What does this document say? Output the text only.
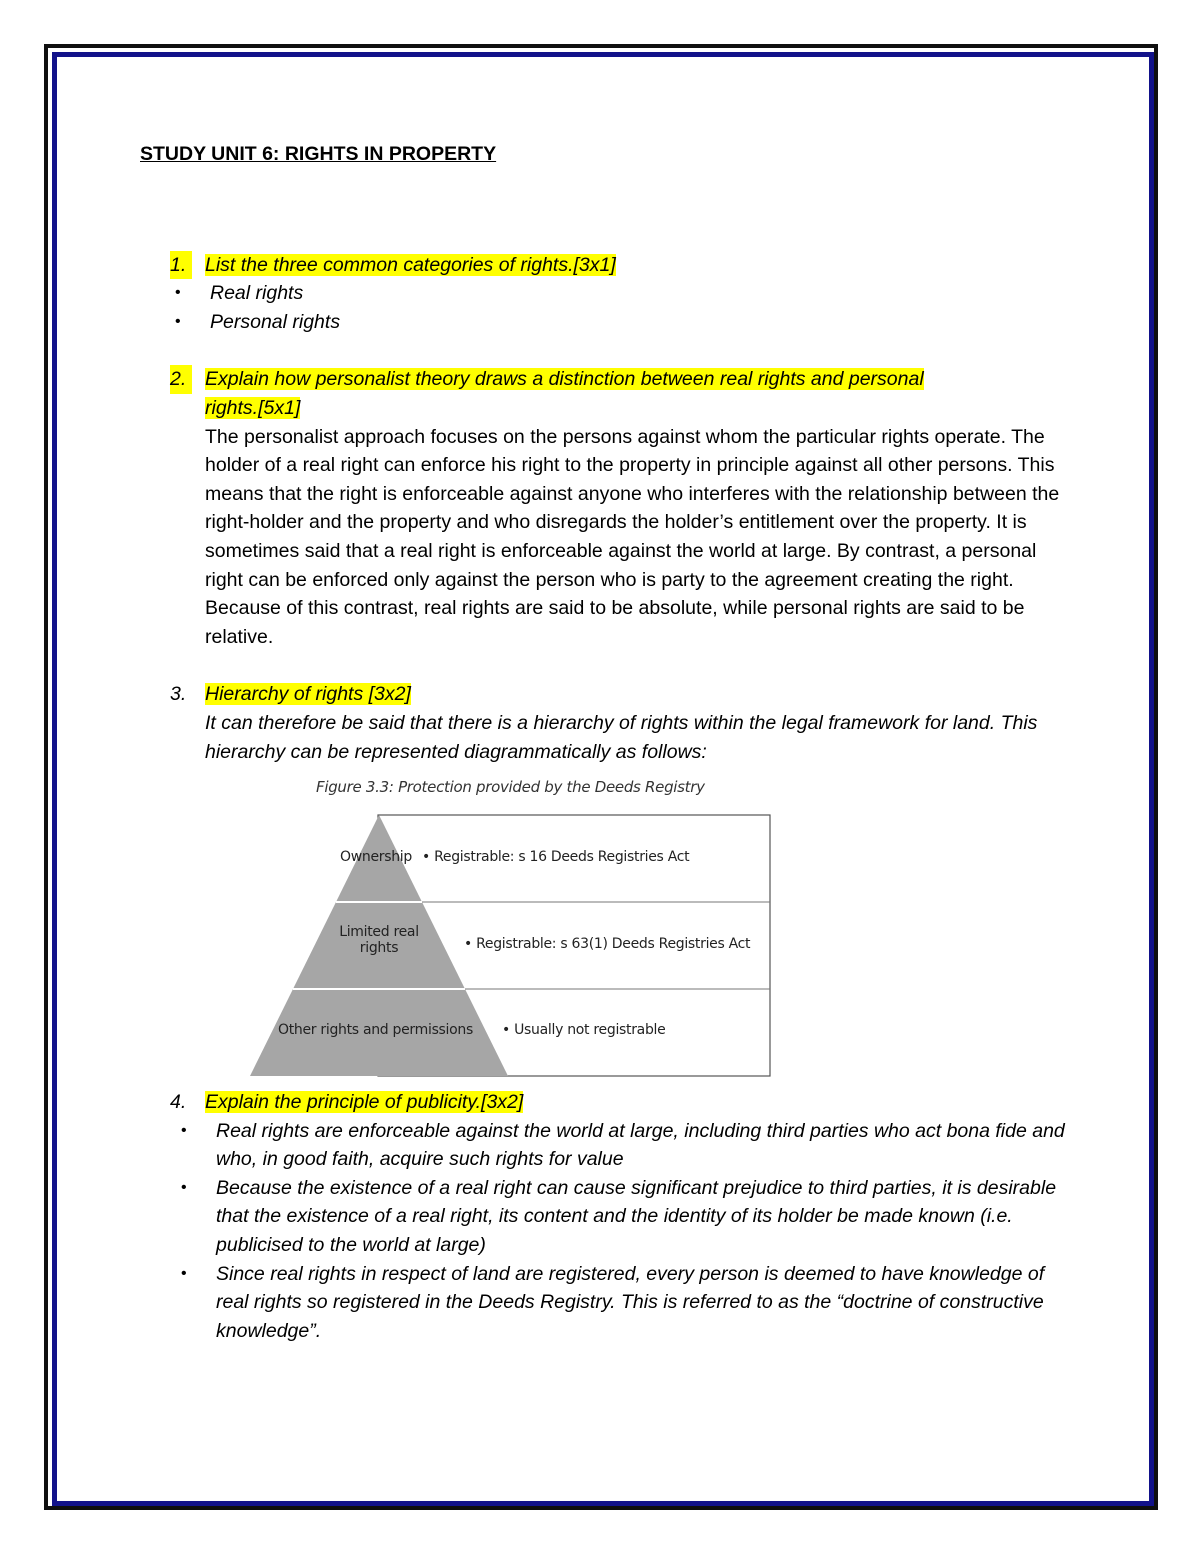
STUDY UNIT 6: RIGHTS IN PROPERTY
1. List the three common categories of rights.[3x1]
• Real rights
• Personal rights
2. Explain how personalist theory draws a distinction between real rights and personal
rights.[5x1]
The personalist approach focuses on the persons against whom the particular rights operate. The holder of a real right can enforce his right to the property in principle against all other persons. This means that the right is enforceable against anyone who interferes with the relationship between the right-holder and the property and who disregards the holder’s entitlement over the property. It is sometimes said that a real right is enforceable against the world at large. By contrast, a personal right can be enforced only against the person who is party to the agreement creating the right. Because of this contrast, real rights are said to be absolute, while personal rights are said to be relative.
3. Hierarchy of rights [3x2]
It can therefore be said that there is a hierarchy of rights within the legal framework for land. This hierarchy can be represented diagrammatically as follows:
Figure 3.3: Protection provided by the Deeds Registry
Ownership
Limited real
rights
Other rights and permissions
• Registrable: s 16 Deeds Registries Act
• Registrable: s 63(1) Deeds Registries Act
• Usually not registrable
4. Explain the principle of publicity.[3x2]
• Real rights are enforceable against the world at large, including third parties who act bona fide and who, in good faith, acquire such rights for value
• Because the existence of a real right can cause significant prejudice to third parties, it is desirable that the existence of a real right, its content and the identity of its holder be made known (i.e. publicised to the world at large)
• Since real rights in respect of land are registered, every person is deemed to have knowledge of real rights so registered in the Deeds Registry. This is referred to as the “doctrine of constructive knowledge”.
